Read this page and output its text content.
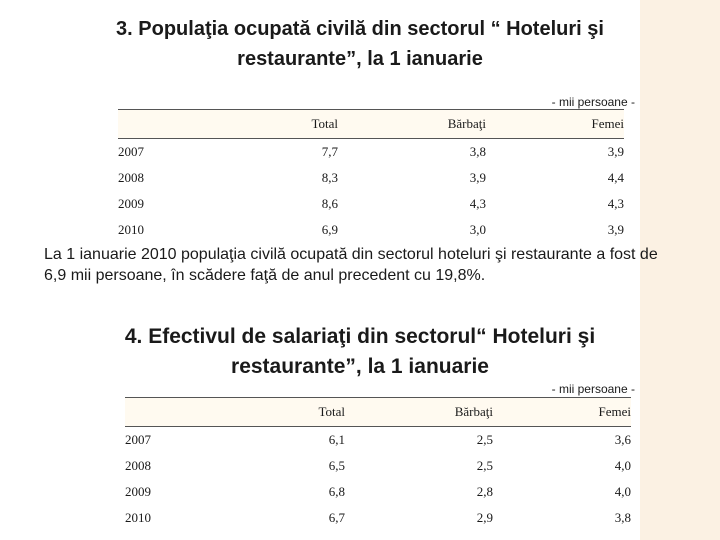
3. Populaţia ocupată civilă din sectorul “ Hoteluri şi
restaurante”, la 1 ianuarie
- mii persoane -
	Total	Bărbaţi	Femei
2007	7,7	3,8	3,9
2008	8,3	3,9	4,4
2009	8,6	4,3	4,3
2010	6,9	3,0	3,9
La 1 ianuarie 2010 populaţia civilă ocupată din sectorul hoteluri şi restaurante a fost de 6,9 mii persoane, în scădere faţă de anul precedent cu 19,8%.
4. Efectivul de salariaţi din sectorul“ Hoteluri şi
restaurante”, la 1 ianuarie
- mii persoane -
	Total	Bărbaţi	Femei
2007	6,1	2,5	3,6
2008	6,5	2,5	4,0
2009	6,8	2,8	4,0
2010	6,7	2,9	3,8
